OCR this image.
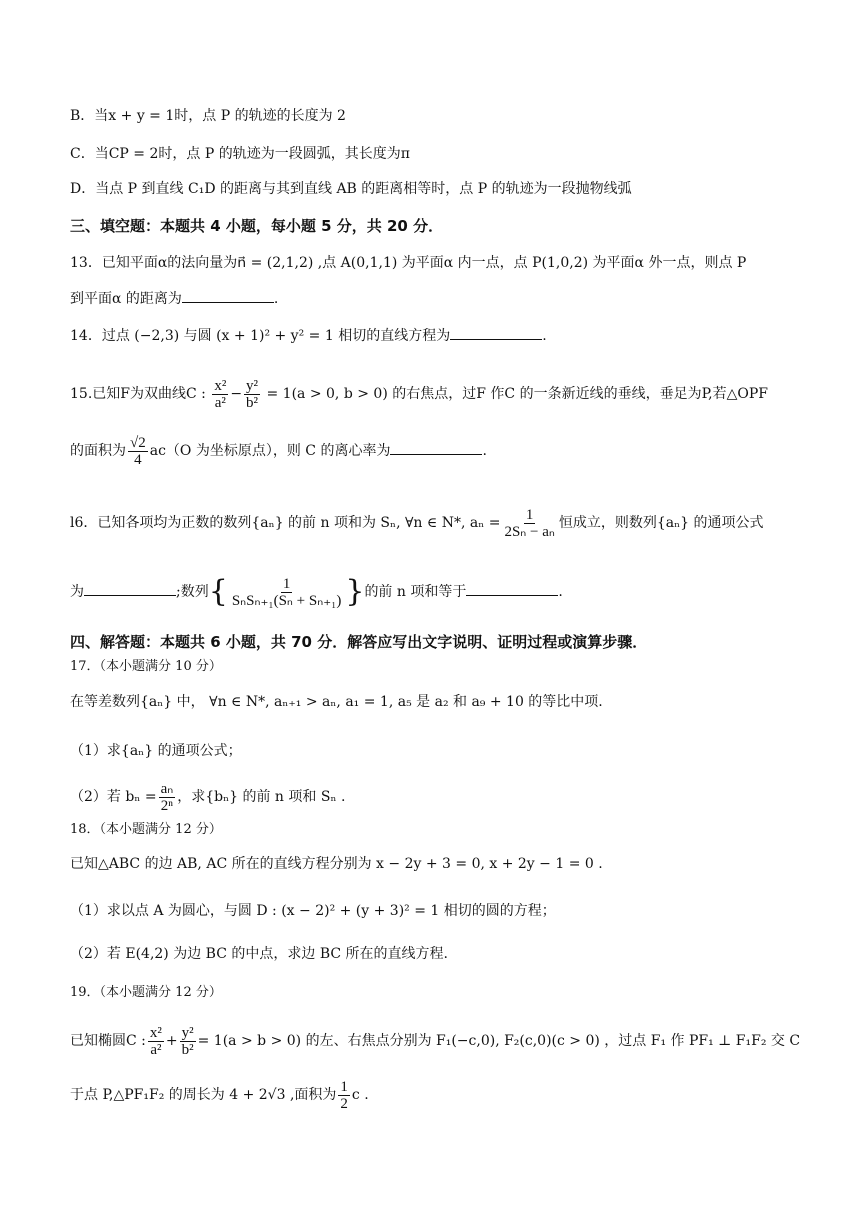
B．当x + y = 1时，点 P 的轨迹的长度为 2
C．当CP = 2时，点 P 的轨迹为一段圆弧，其长度为π
D．当点 P 到直线 C₁D 的距离与其到直线 AB 的距离相等时，点 P 的轨迹为一段抛物线弧
三、填空题：本题共 4 小题，每小题 5 分，共 20 分．
13．已知平面α的法向量为n⃗ = (2,1,2) ,点 A(0,1,1) 为平面α 内一点，点 P(1,0,2) 为平面α 外一点，则点 P
到平面α 的距离为	.
14．过点 (−2,3) 与圆 (x + 1)² + y² = 1 相切的直线方程为	.
15.已知F为双曲线C : $\frac{\text{x²}}{\text{a²}} - \frac{\text{y²}}{\text{b²}} = 1(a > 0$, b > 0) 的右焦点，过F 作C 的一条新近线的垂线，垂足为P,若△OPF
的面积为 $\frac{√2}{4} ac(O$ 为坐标原点），则 C 的离心率为	.
l6．已知各项均为正数的数列{aₙ} 的前 n 项和为 Sₙ, ∀n ∈ N*, $a_n = \frac{1}{\text{2Sₙ − aₙ}}$ 恒成立，则数列{aₙ} 的通项公式
为	;数列{ $\frac{1}{\text{SₙSₙ₊₁(Sₙ + Sₙ₊₁)}}$ }的前 n 项和等于	.
四、解答题：本题共 6 小题，共 70 分．解答应写出文字说明、证明过程或演算步骤．
17．（本小题满分 10 分）
在等差数列{aₙ} 中， ∀n ∈ N*, aₙ₊₁ > aₙ, a₁ = 1, a₅ 是 a₂ 和 a₉ + 10 的等比中项.
（1）求{aₙ} 的通项公式；
（2）若 $b_n = \frac{\text{aₙ}}{\text{2ⁿ}}$ ，求{bₙ} 的前 n 项和 Sₙ .
18．（本小题满分 12 分）
已知△ABC 的边 AB, AC 所在的直线方程分别为 x − 2y + 3 = 0, x + 2y − 1 = 0 .
（1）求以点 A 为圆心，与圆 D : (x − 2)² + (y + 3)² = 1 相切的圆的方程；
（2）若 E(4,2) 为边 BC 的中点，求边 BC 所在的直线方程.
19．（本小题满分 12 分）
已知椭圆C : $\frac{\text{x²}}{\text{a²}} + \frac{\text{y²}}{\text{b²}} = 1(a > b > 0)$ 的左、右焦点分别为 F₁(−c,0), F₂(c,0)(c > 0) ，过点 F₁ 作 PF₁ ⊥ F₁F₂ 交 C
于点 P,△PF₁F₂ 的周长为 4 + 2√3 ,面积为 $\frac{1}{2}$ c .
